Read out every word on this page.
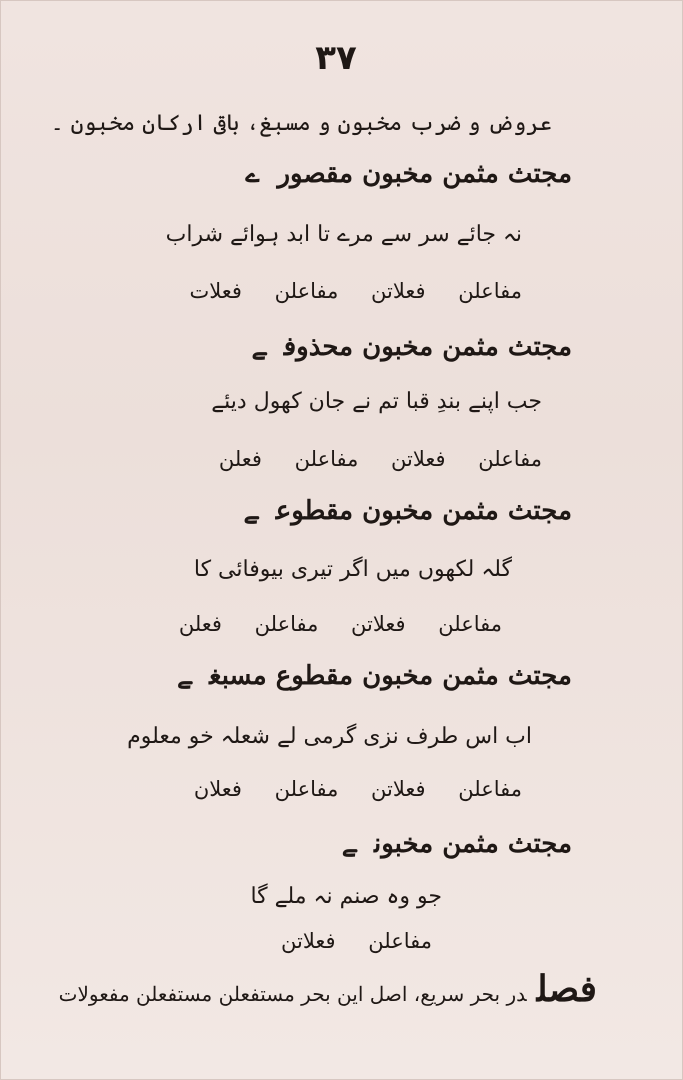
۳۷
عروض و ضرب مخبون و مسبغ، باقی ارکان مخبون ۔
مجتث مثمن مخبون مقصورے
نہ جائے سر سے مرے تا ابد ہوائے شراب
مفاعلن فعلاتن مفاعلن فعلات
مجتث مثمن مخبون محذوفے
جب اپنے بندِ قبا تم نے جان کھول دیئے
مفاعلن فعلاتن مفاعلن فعلن
مجتث مثمن مخبون مقطوعے
گلہ لکھوں میں اگر تیری بیوفائی کا
مفاعلن فعلاتن مفاعلن فعلن
مجتث مثمن مخبون مقطوع مسبغے
اب اس طرف نزی گرمی لے شعلہ خو معلوم
مفاعلن فعلاتن مفاعلن فعلان
مجتث مثمن مخبونے
جو وہ صنم نہ ملے گا
مفاعلن فعلاتن
فصلدر بحر سریع، اصل این بحر مستفعلن مستفعلن مفعولات
